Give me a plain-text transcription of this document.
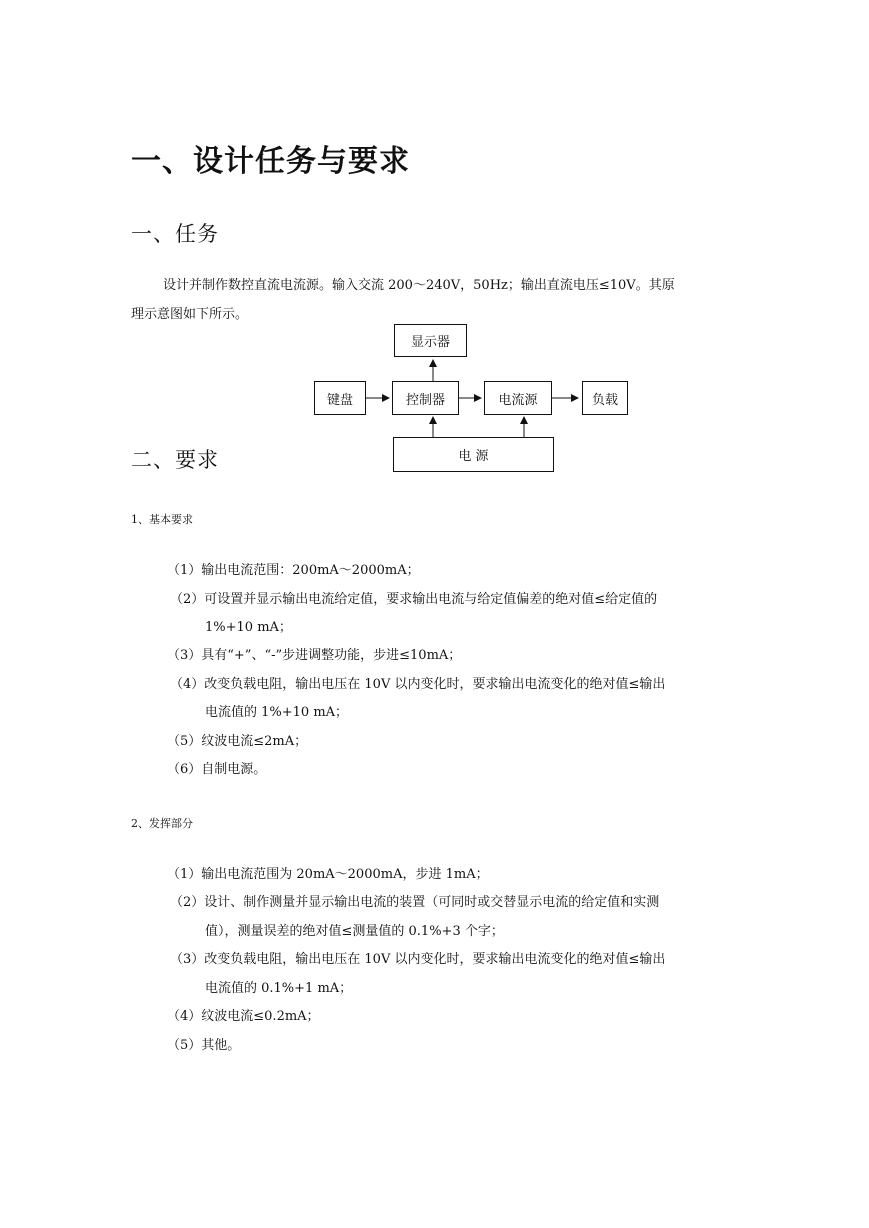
一、设计任务与要求
一、任务
设计并制作数控直流电流源。输入交流 200～240V，50Hz；输出直流电压≤10V。其原
理示意图如下所示。
显示器
键盘	控制器	电流源	负载
电 源
二、要求
1、基本要求
（1）输出电流范围：200mA～2000mA；
（2）可设置并显示输出电流给定值，要求输出电流与给定值偏差的绝对值≤给定值的
1%+10 mA；
（3）具有“+”、“-”步进调整功能，步进≤10mA；
（4）改变负载电阻，输出电压在 10V 以内变化时，要求输出电流变化的绝对值≤输出
电流值的 1%+10 mA；
（5）纹波电流≤2mA；
（6）自制电源。
2、发挥部分
（1）输出电流范围为 20mA～2000mA，步进 1mA；
（2）设计、制作测量并显示输出电流的装置（可同时或交替显示电流的给定值和实测
值），测量误差的绝对值≤测量值的 0.1%+3 个字；
（3）改变负载电阻，输出电压在 10V 以内变化时，要求输出电流变化的绝对值≤输出
电流值的 0.1%+1 mA；
（4）纹波电流≤0.2mA；
（5）其他。
